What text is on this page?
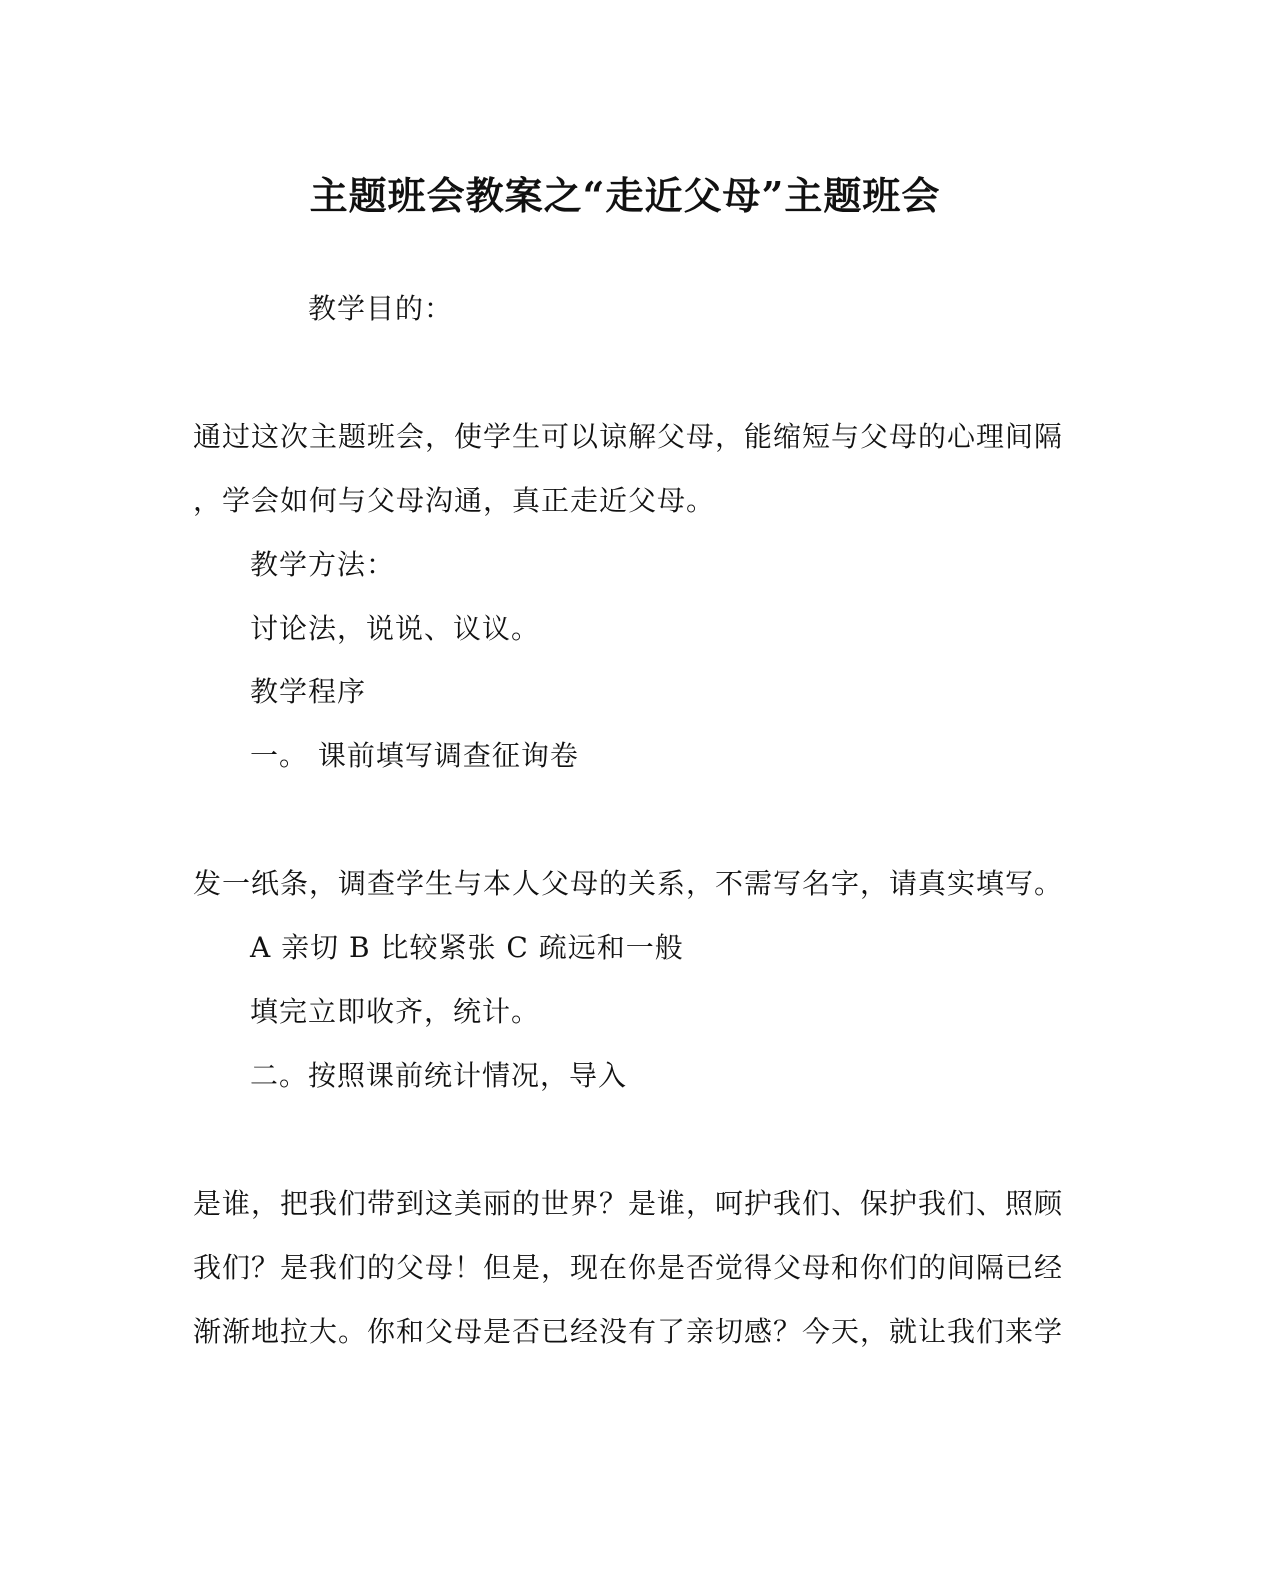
主题班会教案之“走近父母”主题班会
教学目的：
通过这次主题班会，使学生可以谅解父母，能缩短与父母的心理间隔
，学会如何与父母沟通，真正走近父母。
教学方法：
讨论法，说说、议议。
教学程序
一。 课前填写调查征询卷
发一纸条，调查学生与本人父母的关系，不需写名字，请真实填写。
A 亲切 B 比较紧张 C 疏远和一般
填完立即收齐，统计。
二。按照课前统计情况，导入
是谁，把我们带到这美丽的世界？是谁，呵护我们、保护我们、照顾
我们？是我们的父母！但是，现在你是否觉得父母和你们的间隔已经
渐渐地拉大。你和父母是否已经没有了亲切感？今天，就让我们来学
